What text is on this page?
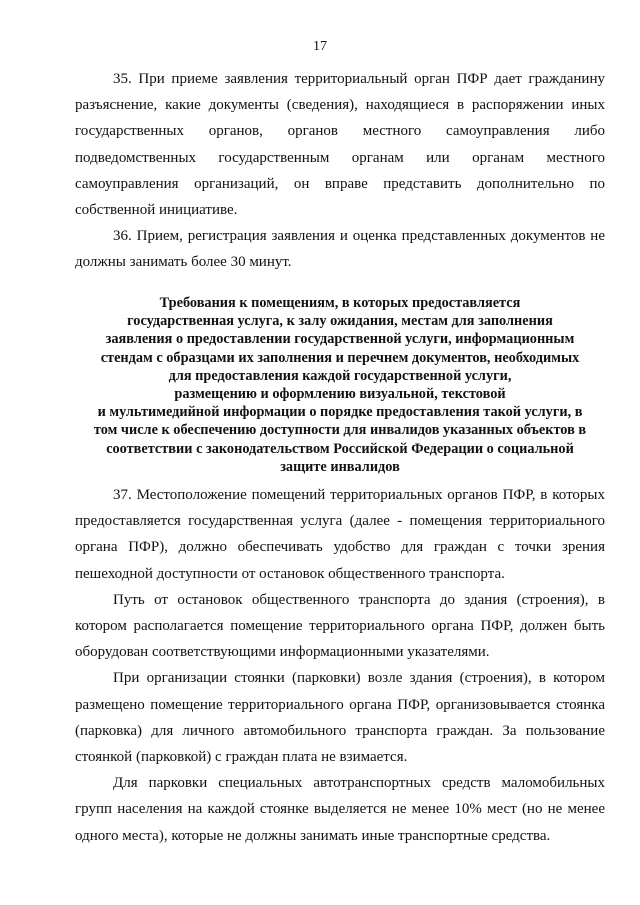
17

35. При приеме заявления территориальный орган ПФР дает гражданину разъяснение, какие документы (сведения), находящиеся в распоряжении иных государственных органов, органов местного самоуправления либо подведомственных государственным органам или органам местного самоуправления организаций, он вправе представить дополнительно по собственной инициативе.

36. Прием, регистрация заявления и оценка представленных документов не должны занимать более 30 минут.

Требования к помещениям, в которых предоставляется
государственная услуга, к залу ожидания, местам для заполнения
заявления о предоставлении государственной услуги, информационным
стендам с образцами их заполнения и перечнем документов, необходимых
для предоставления каждой государственной услуги,
размещению и оформлению визуальной, текстовой
и мультимедийной информации о порядке предоставления такой услуги, в
том числе к обеспечению доступности для инвалидов указанных объектов в
соответствии с законодательством Российской Федерации о социальной
защите инвалидов

37. Местоположение помещений территориальных органов ПФР, в которых предоставляется государственная услуга (далее - помещения территориального органа ПФР), должно обеспечивать удобство для граждан с точки зрения пешеходной доступности от остановок общественного транспорта.

Путь от остановок общественного транспорта до здания (строения), в котором располагается помещение территориального органа ПФР, должен быть оборудован соответствующими информационными указателями.

При организации стоянки (парковки) возле здания (строения), в котором размещено помещение территориального органа ПФР, организовывается стоянка (парковка) для личного автомобильного транспорта граждан. За пользование стоянкой (парковкой) с граждан плата не взимается.

Для парковки специальных автотранспортных средств маломобильных групп населения на каждой стоянке выделяется не менее 10% мест (но не менее одного места), которые не должны занимать иные транспортные средства.
